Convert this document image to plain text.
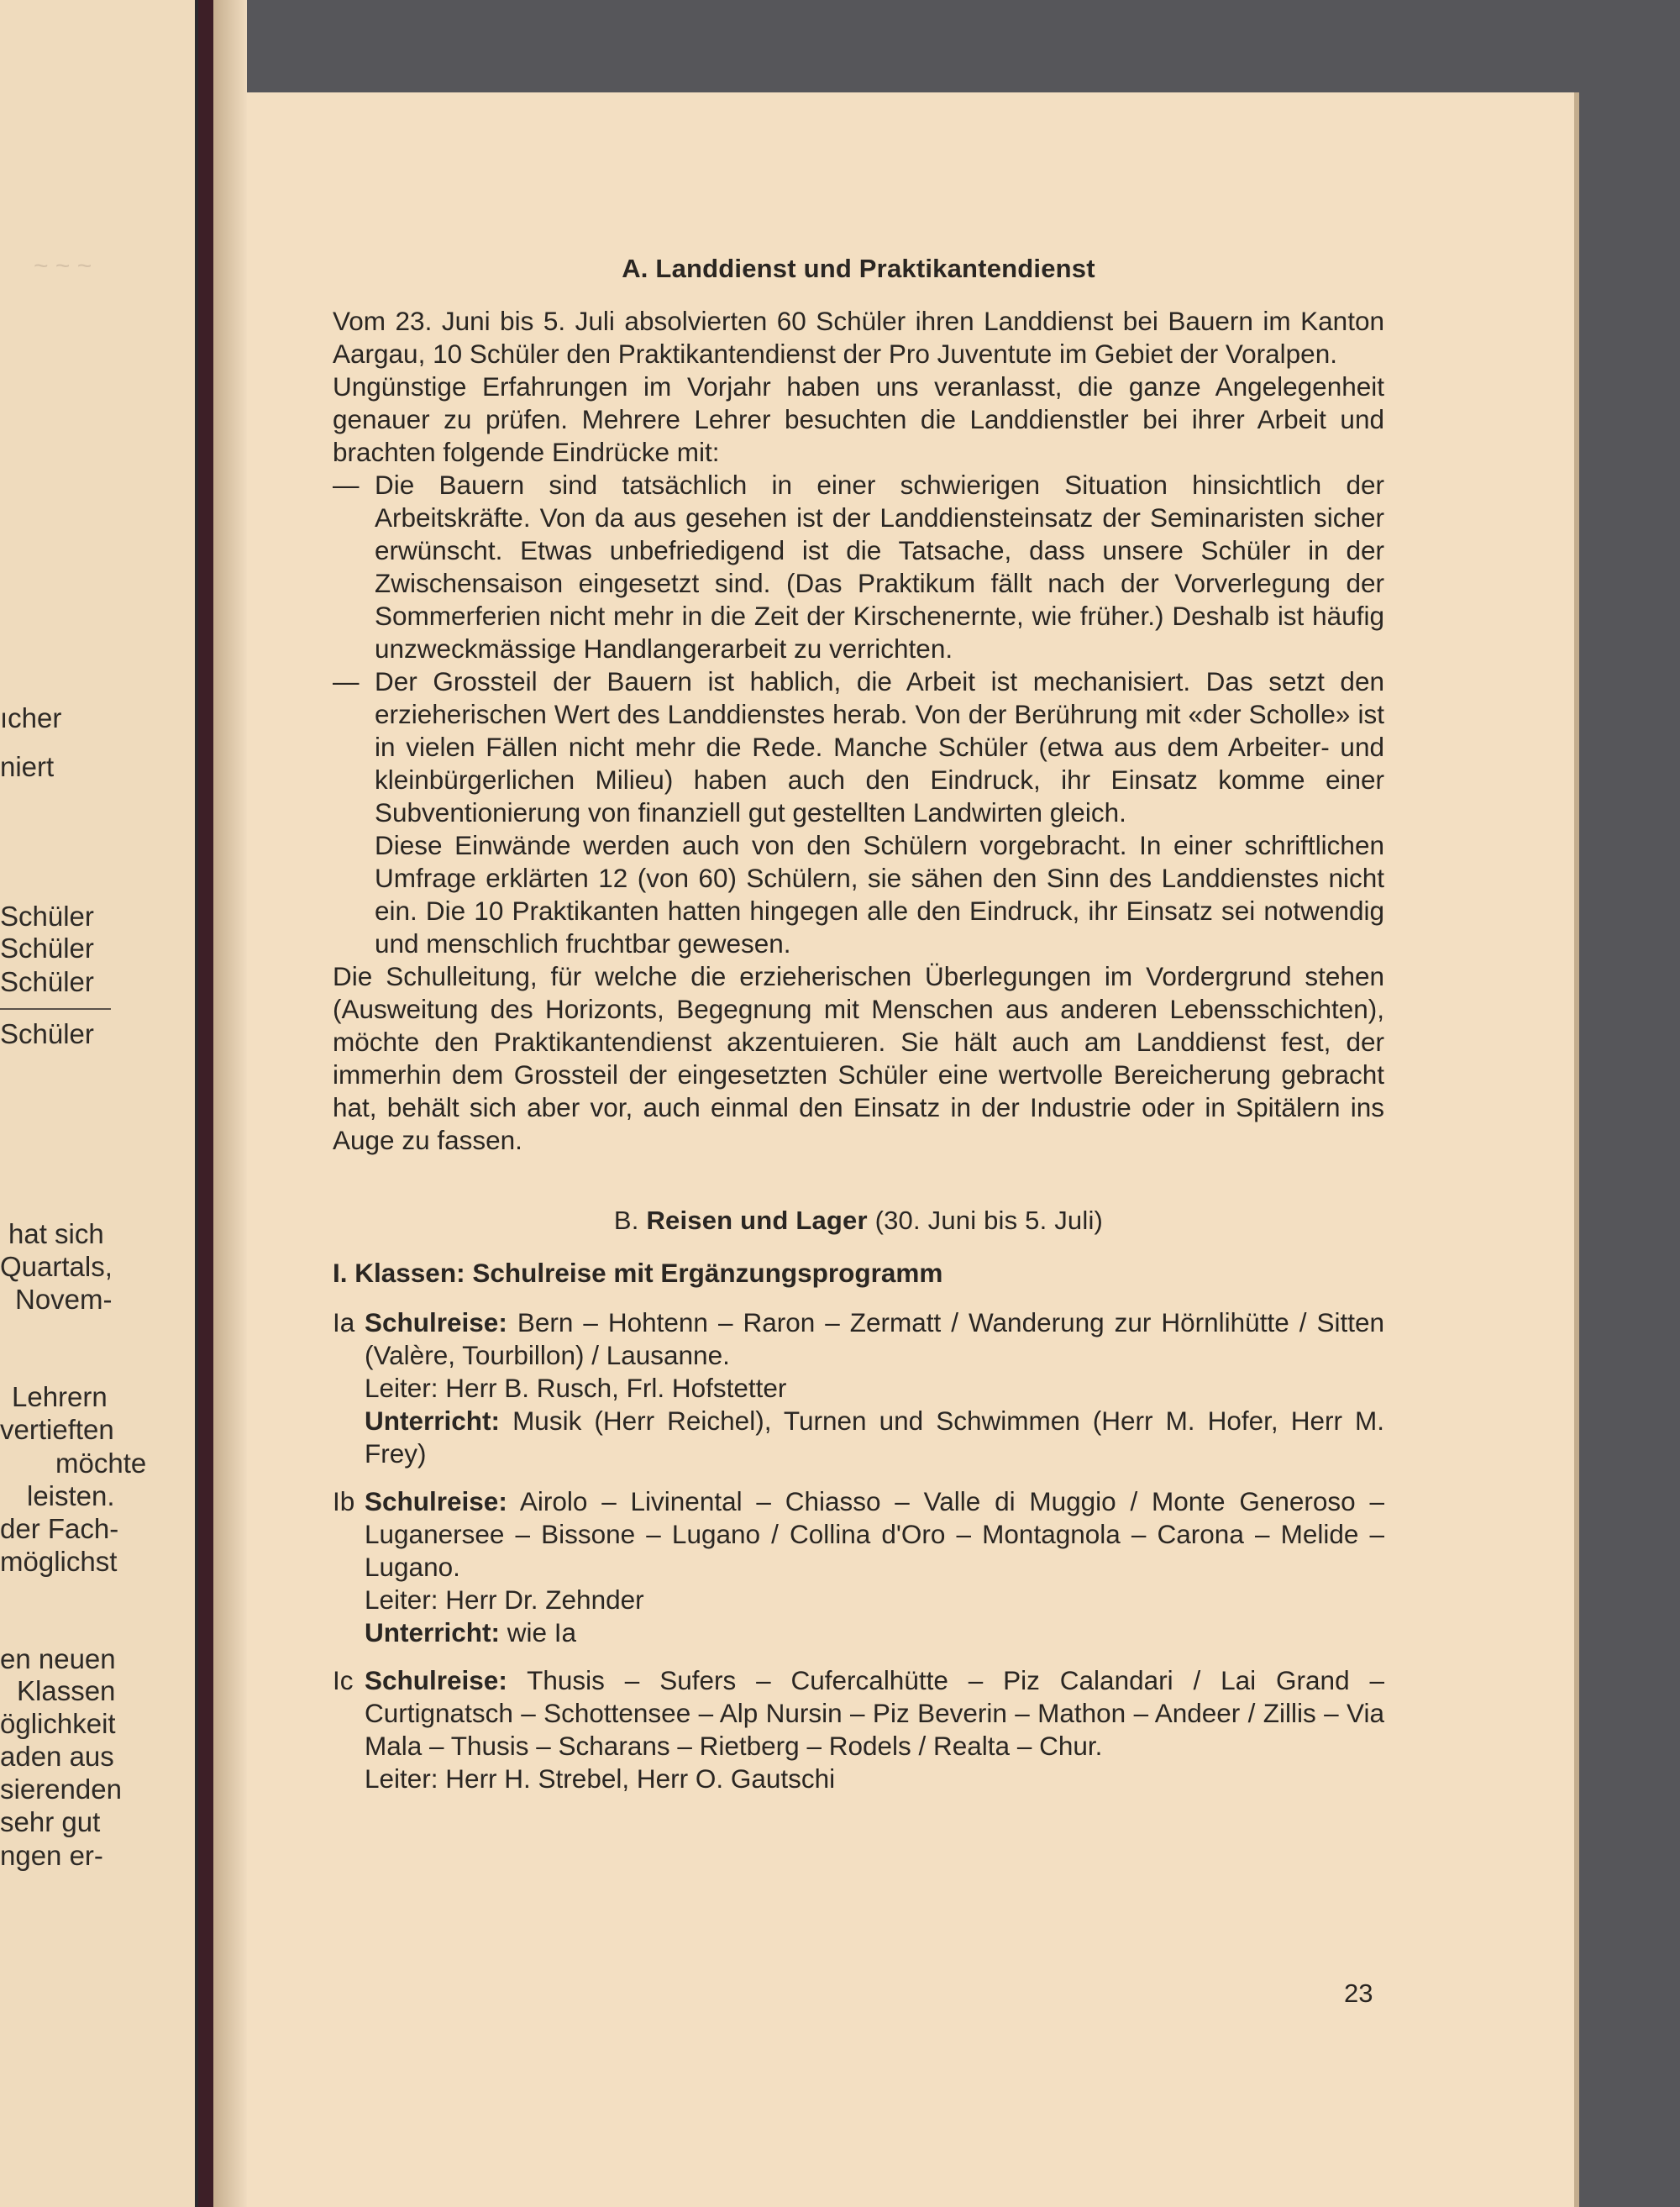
~ ~ ~
ıcher
niert
Schüler
Schüler
Schüler
Schüler
hat sich
Quartals,
Novem-
Lehrern
vertieften
möchte
leisten.
der Fach-
möglichst
en neuen
Klassen
öglichkeit
aden aus
sierenden
sehr gut
ngen er-
A. Landdienst und Praktikantendienst

Vom 23. Juni bis 5. Juli absolvierten 60 Schüler ihren Landdienst bei Bauern im Kanton Aargau, 10 Schüler den Praktikantendienst der Pro Juventute im Gebiet der Voralpen.

Ungünstige Erfahrungen im Vorjahr haben uns veranlasst, die ganze Angelegenheit genauer zu prüfen. Mehrere Lehrer besuchten die Landdienstler bei ihrer Arbeit und brachten folgende Eindrücke mit:

— Die Bauern sind tatsächlich in einer schwierigen Situation hinsichtlich der Arbeitskräfte. Von da aus gesehen ist der Landdiensteinsatz der Seminaristen sicher erwünscht. Etwas unbefriedigend ist die Tatsache, dass unsere Schüler in der Zwischensaison eingesetzt sind. (Das Praktikum fällt nach der Vorverlegung der Sommerferien nicht mehr in die Zeit der Kirschenernte, wie früher.) Deshalb ist häufig unzweckmässige Handlangerarbeit zu verrichten.

— Der Grossteil der Bauern ist hablich, die Arbeit ist mechanisiert. Das setzt den erzieherischen Wert des Landdienstes herab. Von der Berührung mit «der Scholle» ist in vielen Fällen nicht mehr die Rede. Manche Schüler (etwa aus dem Arbeiter- und kleinbürgerlichen Milieu) haben auch den Eindruck, ihr Einsatz komme einer Subventionierung von finanziell gut gestellten Landwirten gleich.

Diese Einwände werden auch von den Schülern vorgebracht. In einer schriftlichen Umfrage erklärten 12 (von 60) Schülern, sie sähen den Sinn des Landdienstes nicht ein. Die 10 Praktikanten hatten hingegen alle den Eindruck, ihr Einsatz sei notwendig und menschlich fruchtbar gewesen.

Die Schulleitung, für welche die erzieherischen Überlegungen im Vordergrund stehen (Ausweitung des Horizonts, Begegnung mit Menschen aus anderen Lebensschichten), möchte den Praktikantendienst akzentuieren. Sie hält auch am Landdienst fest, der immerhin dem Grossteil der eingesetzten Schüler eine wertvolle Bereicherung gebracht hat, behält sich aber vor, auch einmal den Einsatz in der Industrie oder in Spitälern ins Auge zu fassen.

B. Reisen und Lager (30. Juni bis 5. Juli)
I. Klassen: Schulreise mit Ergänzungsprogramm
Ia Schulreise: Bern – Hohtenn – Raron – Zermatt / Wanderung zur Hörnlihütte / Sitten (Valère, Tourbillon) / Lausanne.

Leiter: Herr B. Rusch, Frl. Hofstetter

Unterricht: Musik (Herr Reichel), Turnen und Schwimmen (Herr M. Hofer, Herr M. Frey)

Ib Schulreise: Airolo – Livinental – Chiasso – Valle di Muggio / Monte Generoso – Luganersee – Bissone – Lugano / Collina d'Oro – Montagnola – Carona – Melide – Lugano.

Leiter: Herr Dr. Zehnder

Unterricht: wie Ia

Ic Schulreise: Thusis – Sufers – Cufercalhütte – Piz Calandari / Lai Grand – Curtignatsch – Schottensee – Alp Nursin – Piz Beverin – Mathon – Andeer / Zillis – Via Mala – Thusis – Scharans – Rietberg – Rodels / Realta – Chur.

Leiter: Herr H. Strebel, Herr O. Gautschi

23
